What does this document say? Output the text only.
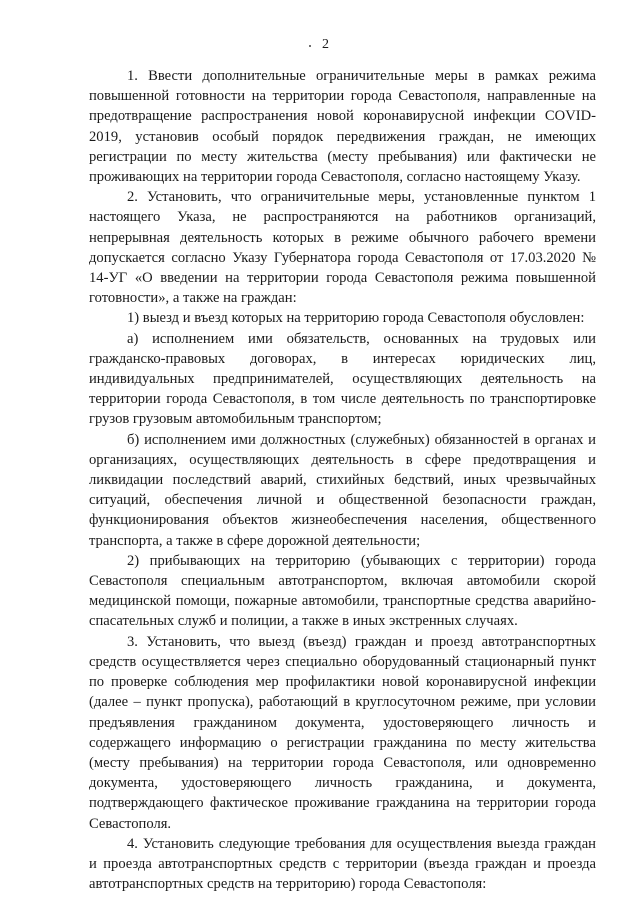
2

1. Ввести дополнительные ограничительные меры в рамках режима повышенной готовности на территории города Севастополя, направленные на предотвращение распространения новой коронавирусной инфекции COVID-2019, установив особый порядок передвижения граждан, не имеющих регистрации по месту жительства (месту пребывания) или фактически не проживающих на территории города Севастополя, согласно настоящему Указу.

2. Установить, что ограничительные меры, установленные пунктом 1 настоящего Указа, не распространяются на работников организаций, непрерывная деятельность которых в режиме обычного рабочего времени допускается согласно Указу Губернатора города Севастополя от 17.03.2020 № 14-УГ «О введении на территории города Севастополя режима повышенной готовности», а также на граждан:

1) выезд и въезд которых на территорию города Севастополя обусловлен:

а) исполнением ими обязательств, основанных на трудовых или гражданско-правовых договорах, в интересах юридических лиц, индивидуальных предпринимателей, осуществляющих деятельность на территории города Севастополя, в том числе деятельность по транспортировке грузов грузовым автомобильным транспортом;

б) исполнением ими должностных (служебных) обязанностей в органах и организациях, осуществляющих деятельность в сфере предотвращения и ликвидации последствий аварий, стихийных бедствий, иных чрезвычайных ситуаций, обеспечения личной и общественной безопасности граждан, функционирования объектов жизнеобеспечения населения, общественного транспорта, а также в сфере дорожной деятельности;

2) прибывающих на территорию (убывающих с территории) города Севастополя специальным автотранспортом, включая автомобили скорой медицинской помощи, пожарные автомобили, транспортные средства аварийно-спасательных служб и полиции, а также в иных экстренных случаях.

3. Установить, что выезд (въезд) граждан и проезд автотранспортных средств осуществляется через специально оборудованный стационарный пункт по проверке соблюдения мер профилактики новой коронавирусной инфекции (далее – пункт пропуска), работающий в круглосуточном режиме, при условии предъявления гражданином документа, удостоверяющего личность и содержащего информацию о регистрации гражданина по месту жительства (месту пребывания) на территории города Севастополя, или одновременно документа, удостоверяющего личность гражданина, и документа, подтверждающего фактическое проживание гражданина на территории города Севастополя.

4. Установить следующие требования для осуществления выезда граждан и проезда автотранспортных средств с территории (въезда граждан и проезда автотранспортных средств на территорию) города Севастополя:
